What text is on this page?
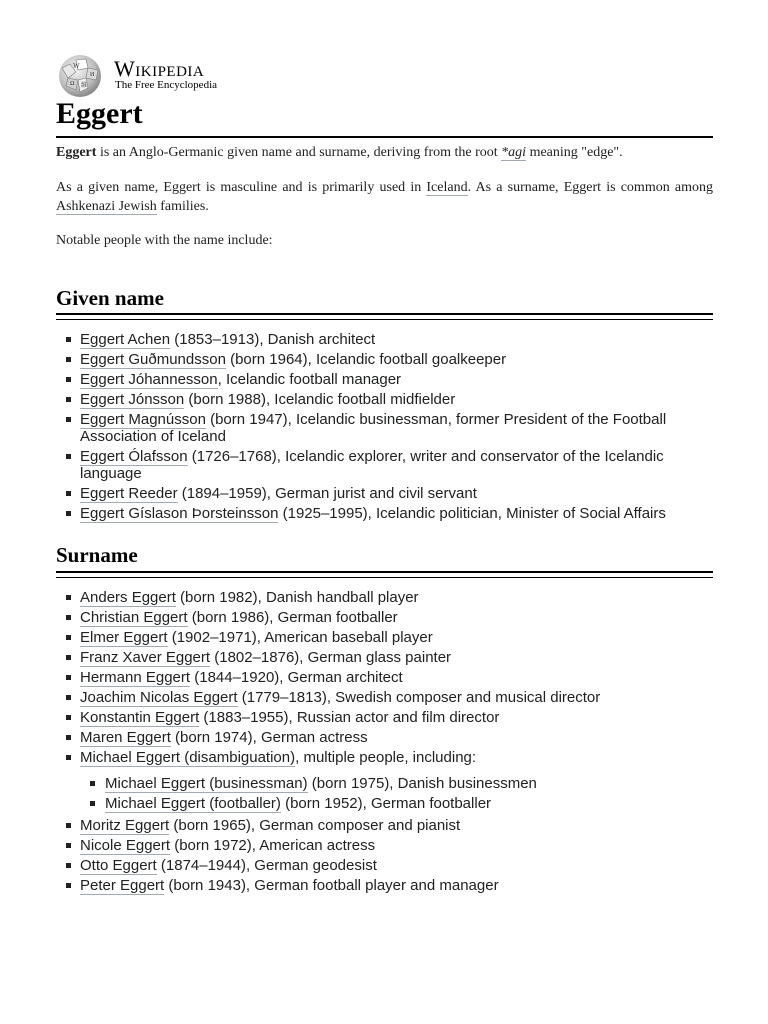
W
И
Ω 維
Wikipedia
The Free Encyclopedia
Eggert

Eggert is an Anglo-Germanic given name and surname, deriving from the root *agi meaning "edge".

As a given name, Eggert is masculine and is primarily used in Iceland. As a surname, Eggert is common among Ashkenazi Jewish families.

Notable people with the name include:

Given name
Eggert Achen (1853–1913), Danish architect
Eggert Guðmundsson (born 1964), Icelandic football goalkeeper
Eggert Jóhannesson, Icelandic football manager
Eggert Jónsson (born 1988), Icelandic football midfielder
Eggert Magnússon (born 1947), Icelandic businessman, former President of the Football Association of Iceland
Eggert Ólafsson (1726–1768), Icelandic explorer, writer and conservator of the Icelandic language
Eggert Reeder (1894–1959), German jurist and civil servant
Eggert Gíslason Þorsteinsson (1925–1995), Icelandic politician, Minister of Social Affairs
Surname
Anders Eggert (born 1982), Danish handball player
Christian Eggert (born 1986), German footballer
Elmer Eggert (1902–1971), American baseball player
Franz Xaver Eggert (1802–1876), German glass painter
Hermann Eggert (1844–1920), German architect
Joachim Nicolas Eggert (1779–1813), Swedish composer and musical director
Konstantin Eggert (1883–1955), Russian actor and film director
Maren Eggert (born 1974), German actress
Michael Eggert (disambiguation), multiple people, including:
Michael Eggert (businessman) (born 1975), Danish businessmen
Michael Eggert (footballer) (born 1952), German footballer
Moritz Eggert (born 1965), German composer and pianist
Nicole Eggert (born 1972), American actress
Otto Eggert (1874–1944), German geodesist
Peter Eggert (born 1943), German football player and manager
